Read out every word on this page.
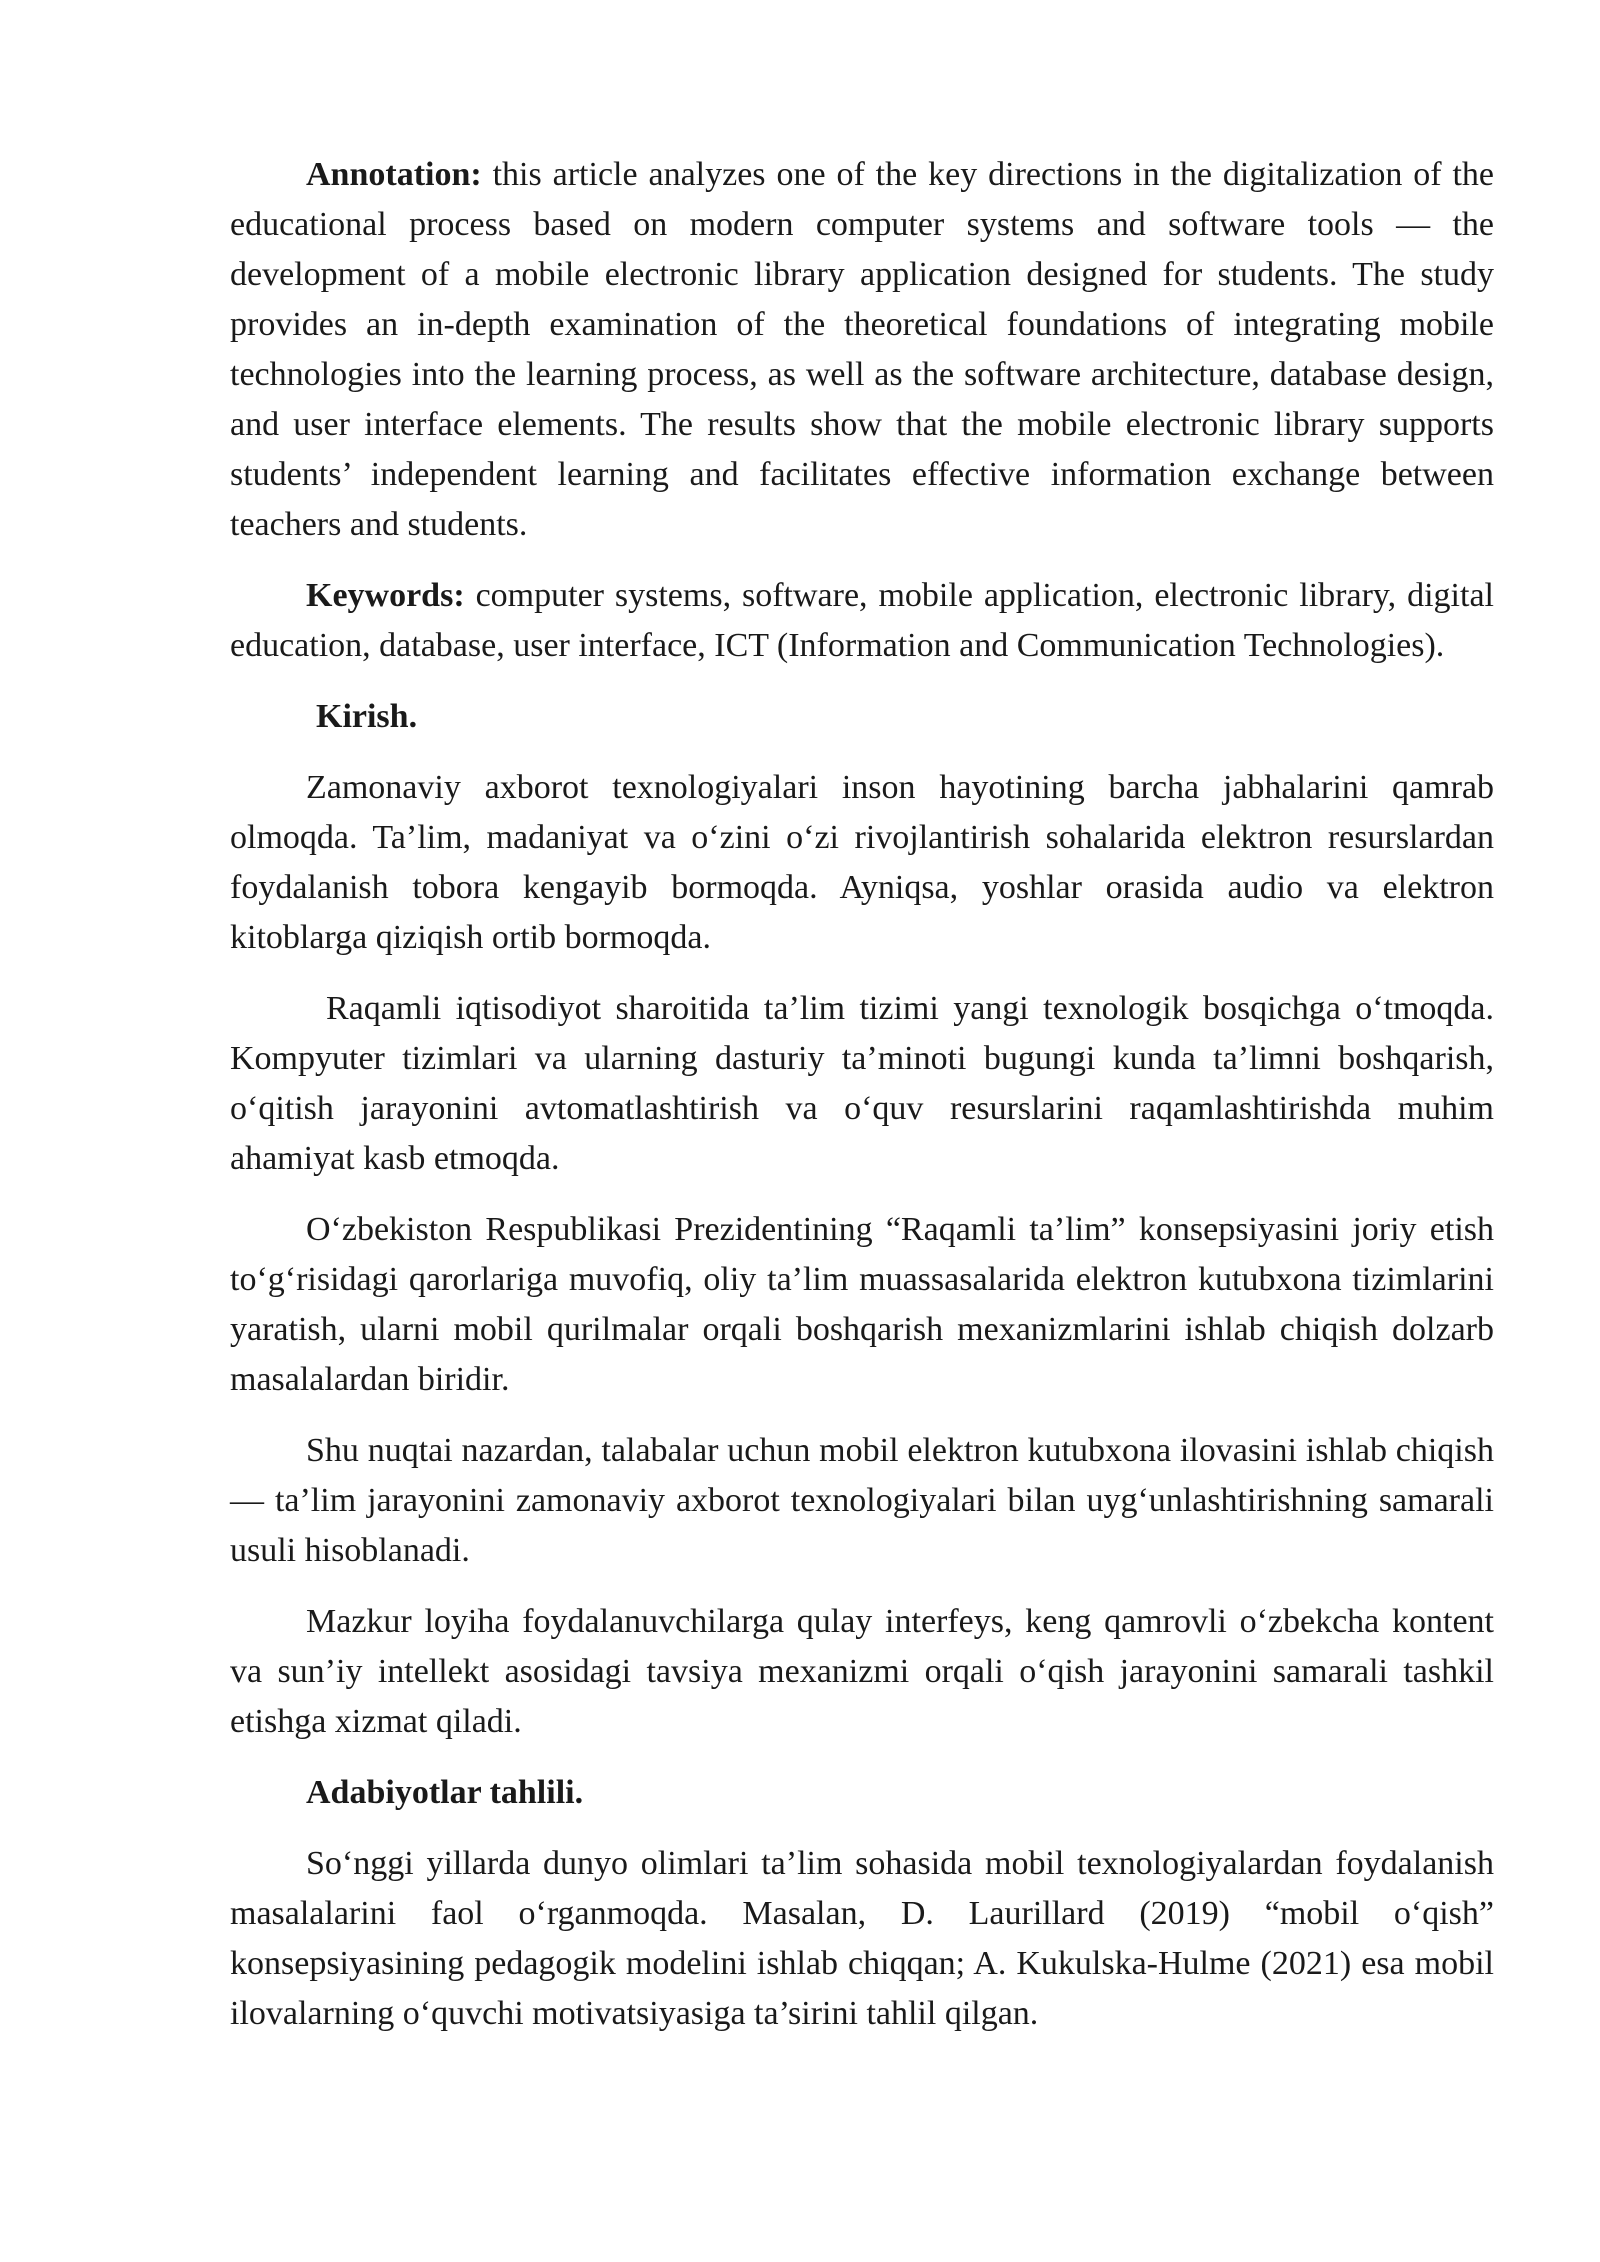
Annotation: this article analyzes one of the key directions in the digitalization of the educational process based on modern computer systems and software tools — the development of a mobile electronic library application designed for students. The study provides an in-depth examination of the theoretical foundations of integrating mobile technologies into the learning process, as well as the software architecture, database design, and user interface elements. The results show that the mobile electronic library supports students’ independent learning and facilitates effective information exchange between teachers and students.

Keywords: computer systems, software, mobile application, electronic library, digital education, database, user interface, ICT (Information and Communication Technologies).

Kirish.

Zamonaviy axborot texnologiyalari inson hayotining barcha jabhalarini qamrab olmoqda. Ta’lim, madaniyat va o‘zini o‘zi rivojlantirish sohalarida elektron resurslardan foydalanish tobora kengayib bormoqda. Ayniqsa, yoshlar orasida audio va elektron kitoblarga qiziqish ortib bormoqda.

Raqamli iqtisodiyot sharoitida ta’lim tizimi yangi texnologik bosqichga o‘tmoqda. Kompyuter tizimlari va ularning dasturiy ta’minoti bugungi kunda ta’limni boshqarish, o‘qitish jarayonini avtomatlashtirish va o‘quv resurslarini raqamlashtirishda muhim ahamiyat kasb etmoqda.

O‘zbekiston Respublikasi Prezidentining “Raqamli ta’lim” konsepsiyasini joriy etish to‘g‘risidagi qarorlariga muvofiq, oliy ta’lim muassasalarida elektron kutubxona tizimlarini yaratish, ularni mobil qurilmalar orqali boshqarish mexanizmlarini ishlab chiqish dolzarb masalalardan biridir.

Shu nuqtai nazardan, talabalar uchun mobil elektron kutubxona ilovasini ishlab chiqish — ta’lim jarayonini zamonaviy axborot texnologiyalari bilan uyg‘unlashtirishning samarali usuli hisoblanadi.

Mazkur loyiha foydalanuvchilarga qulay interfeys, keng qamrovli o‘zbekcha kontent va sun’iy intellekt asosidagi tavsiya mexanizmi orqali o‘qish jarayonini samarali tashkil etishga xizmat qiladi.

Adabiyotlar tahlili.

So‘nggi yillarda dunyo olimlari ta’lim sohasida mobil texnologiyalardan foydalanish masalalarini faol o‘rganmoqda. Masalan, D. Laurillard (2019) “mobil o‘qish” konsepsiyasining pedagogik modelini ishlab chiqqan; A. Kukulska-Hulme (2021) esa mobil ilovalarning o‘quvchi motivatsiyasiga ta’sirini tahlil qilgan.
